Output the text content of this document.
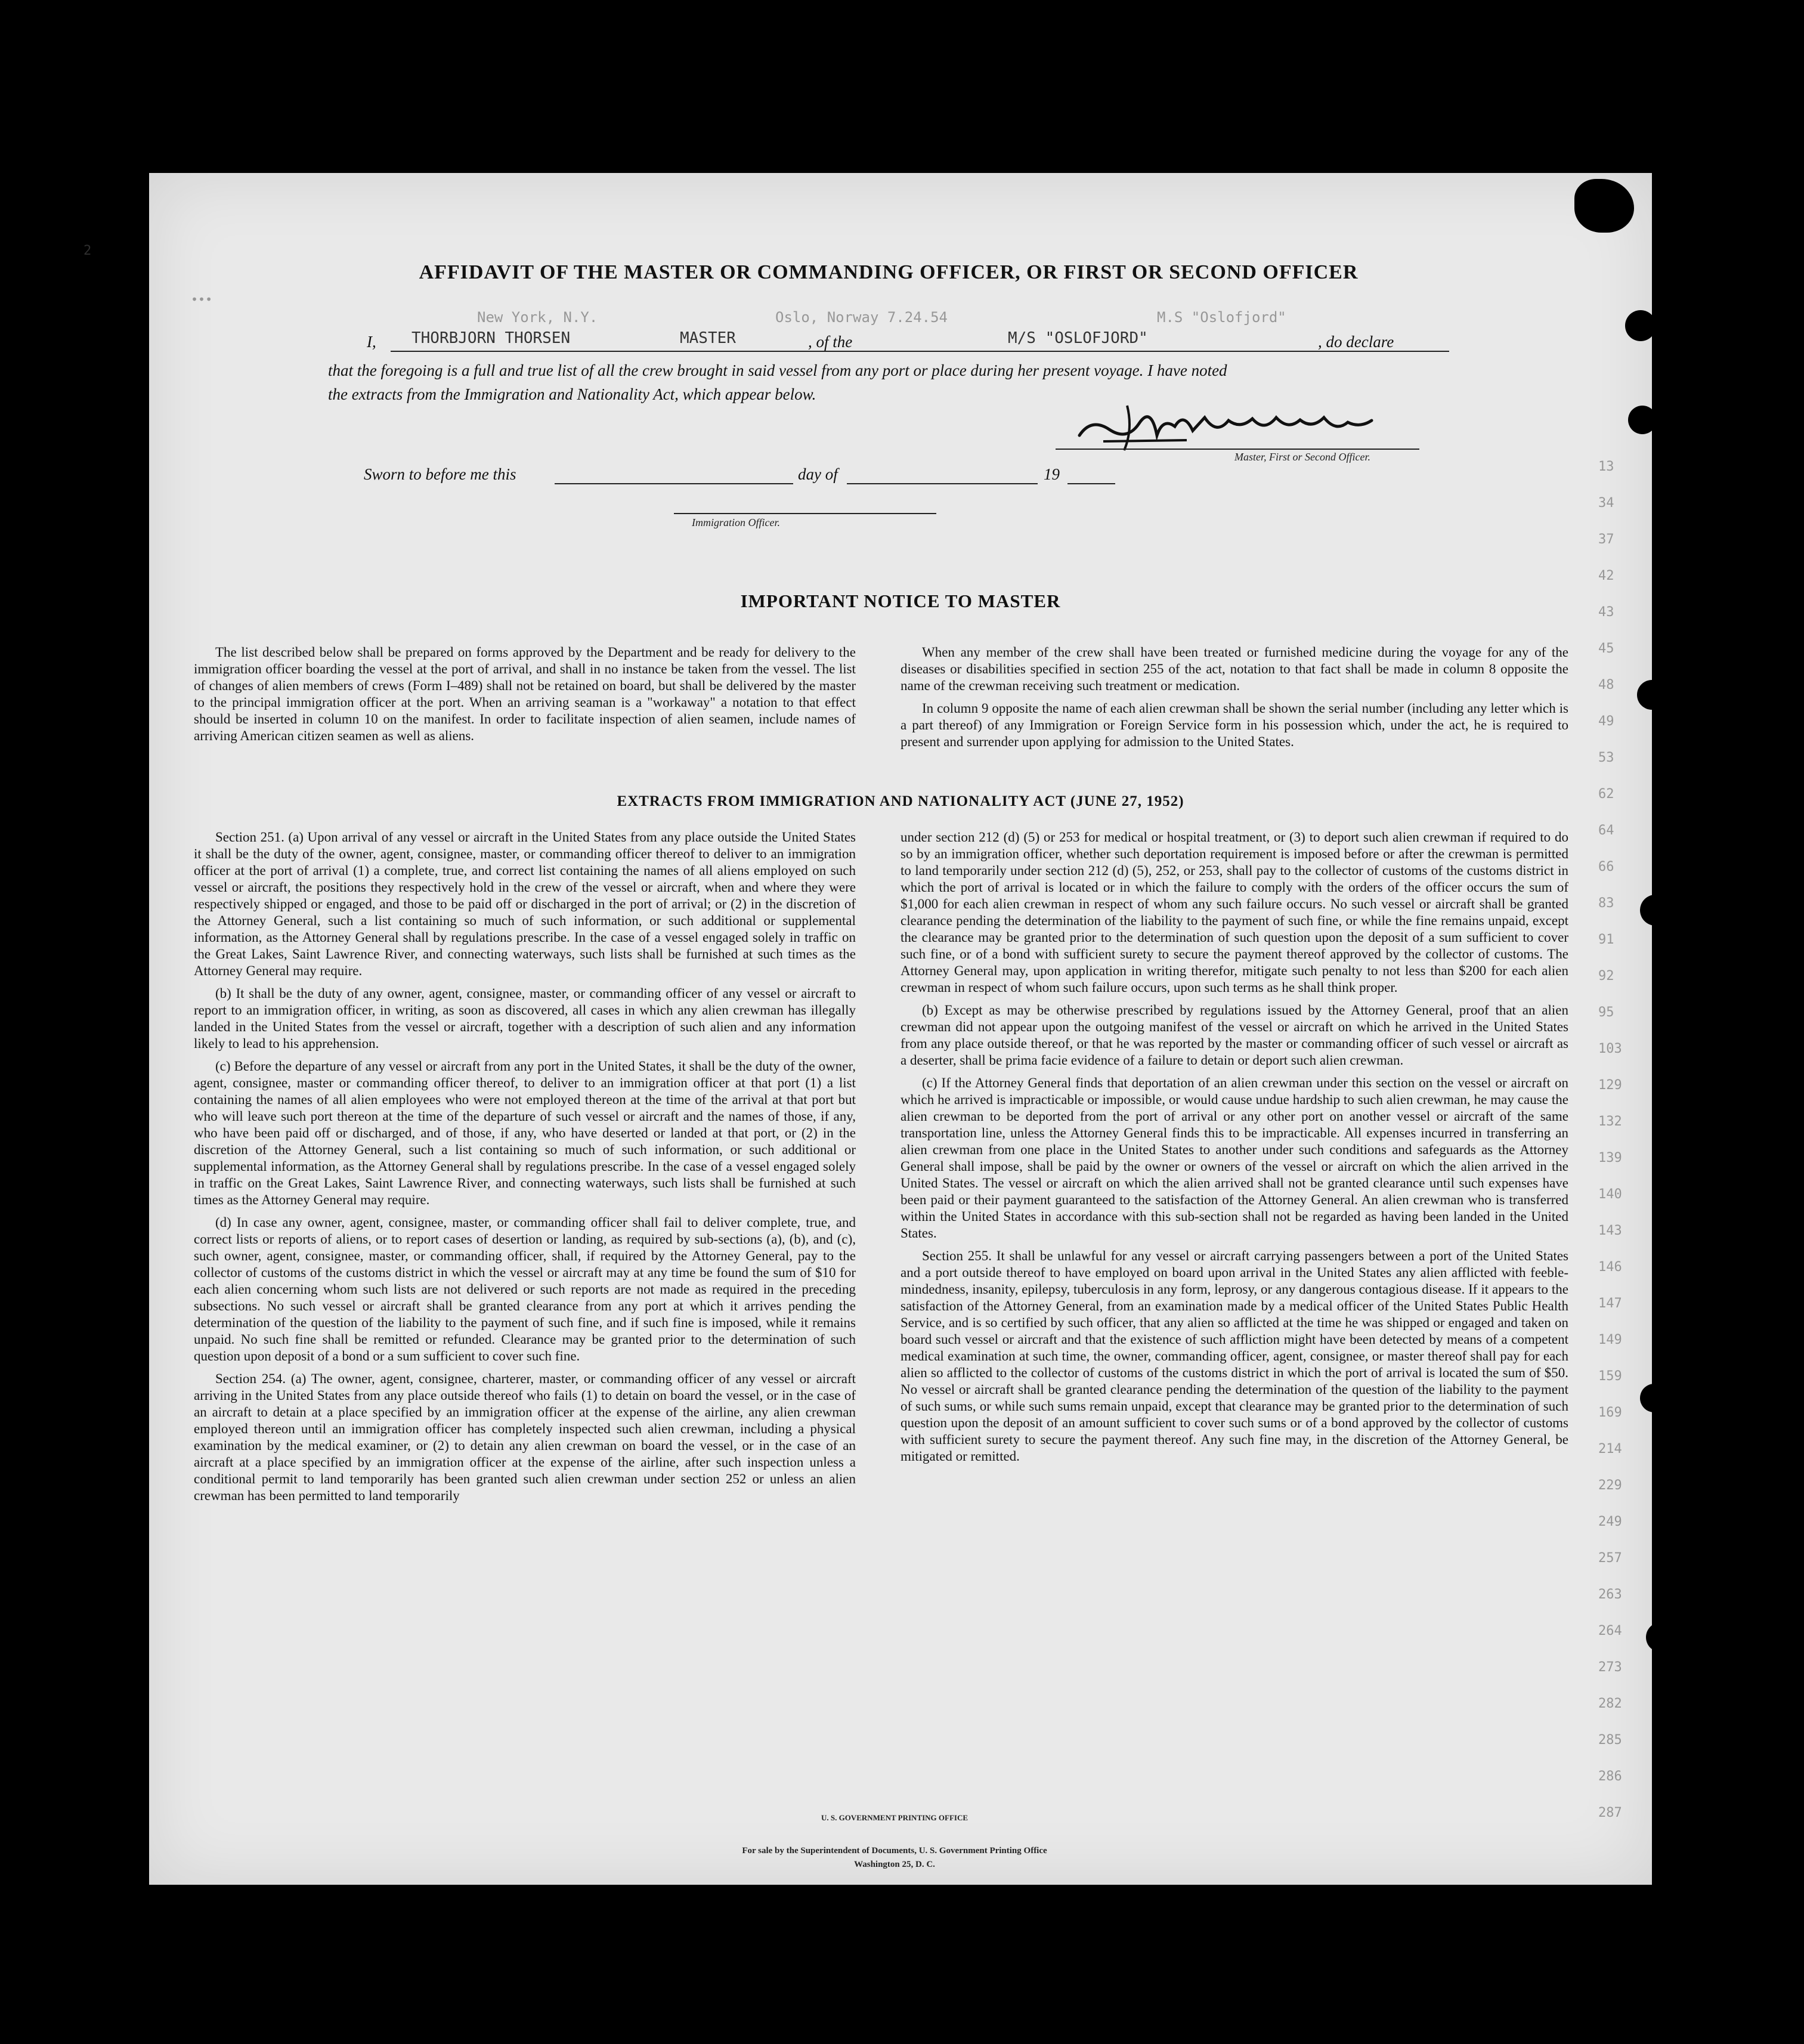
M.S "Oslofjord"
Oslo, Norway 7.24.54
New York, N.Y.
2
•••
13
34
37
42
43
45
48
49
53
62
64
66
83
91
92
95
103
129
132
139
140
143
146
147
149
159
169
214
229
249
257
263
264
273
282
285
286
287
AFFIDAVIT OF THE MASTER OR COMMANDING OFFICER, OR FIRST OR SECOND OFFICER
I, THORBJORN THORSEN	MASTER	, of the	M/S "OSLOFJORD"	, do declare
that the foregoing is a full and true list of all the crew brought in said vessel from any port or place during her present voyage. I have noted
the extracts from the Immigration and Nationality Act, which appear below.
Master, First or Second Officer.
Sworn to before me this	day of	19
Immigration Officer.
IMPORTANT NOTICE TO MASTER

The list described below shall be prepared on forms approved by the Department and be ready for delivery to the immigration officer boarding the vessel at the port of arrival, and shall in no instance be taken from the vessel. The list of changes of alien members of crews (Form I–489) shall not be retained on board, but shall be delivered by the master to the principal immigration officer at the port. When an arriving seaman is a "workaway" a notation to that effect should be inserted in column 10 on the manifest. In order to facilitate inspection of alien seamen, include names of arriving American citizen seamen as well as aliens.

When any member of the crew shall have been treated or furnished medicine during the voyage for any of the diseases or disabilities specified in section 255 of the act, notation to that fact shall be made in column 8 opposite the name of the crewman receiving such treatment or medication.

In column 9 opposite the name of each alien crewman shall be shown the serial number (including any letter which is a part thereof) of any Immigration or Foreign Service form in his possession which, under the act, he is required to present and surrender upon applying for admission to the United States.

EXTRACTS FROM IMMIGRATION AND NATIONALITY ACT (JUNE 27, 1952)

Section 251. (a) Upon arrival of any vessel or aircraft in the United States from any place outside the United States it shall be the duty of the owner, agent, consignee, master, or commanding officer thereof to deliver to an immigration officer at the port of arrival (1) a complete, true, and correct list containing the names of all aliens employed on such vessel or aircraft, the positions they respectively hold in the crew of the vessel or aircraft, when and where they were respectively shipped or engaged, and those to be paid off or discharged in the port of arrival; or (2) in the discretion of the Attorney General, such a list containing so much of such information, or such additional or supplemental information, as the Attorney General shall by regulations prescribe. In the case of a vessel engaged solely in traffic on the Great Lakes, Saint Lawrence River, and connecting waterways, such lists shall be furnished at such times as the Attorney General may require.

(b) It shall be the duty of any owner, agent, consignee, master, or commanding officer of any vessel or aircraft to report to an immigration officer, in writing, as soon as discovered, all cases in which any alien crewman has illegally landed in the United States from the vessel or aircraft, together with a description of such alien and any information likely to lead to his apprehension.

(c) Before the departure of any vessel or aircraft from any port in the United States, it shall be the duty of the owner, agent, consignee, master or commanding officer thereof, to deliver to an immigration officer at that port (1) a list containing the names of all alien employees who were not employed thereon at the time of the arrival at that port but who will leave such port thereon at the time of the departure of such vessel or aircraft and the names of those, if any, who have been paid off or discharged, and of those, if any, who have deserted or landed at that port, or (2) in the discretion of the Attorney General, such a list containing so much of such information, or such additional or supplemental information, as the Attorney General shall by regulations prescribe. In the case of a vessel engaged solely in traffic on the Great Lakes, Saint Lawrence River, and connecting waterways, such lists shall be furnished at such times as the Attorney General may require.

(d) In case any owner, agent, consignee, master, or commanding officer shall fail to deliver complete, true, and correct lists or reports of aliens, or to report cases of desertion or landing, as required by sub-sections (a), (b), and (c), such owner, agent, consignee, master, or commanding officer, shall, if required by the Attorney General, pay to the collector of customs of the customs district in which the vessel or aircraft may at any time be found the sum of $10 for each alien concerning whom such lists are not delivered or such reports are not made as required in the preceding subsections. No such vessel or aircraft shall be granted clearance from any port at which it arrives pending the determination of the question of the liability to the payment of such fine, and if such fine is imposed, while it remains unpaid. No such fine shall be remitted or refunded. Clearance may be granted prior to the determination of such question upon deposit of a bond or a sum sufficient to cover such fine.

Section 254. (a) The owner, agent, consignee, charterer, master, or commanding officer of any vessel or aircraft arriving in the United States from any place outside thereof who fails (1) to detain on board the vessel, or in the case of an aircraft to detain at a place specified by an immigration officer at the expense of the airline, any alien crewman employed thereon until an immigration officer has completely inspected such alien crewman, including a physical examination by the medical examiner, or (2) to detain any alien crewman on board the vessel, or in the case of an aircraft at a place specified by an immigration officer at the expense of the airline, after such inspection unless a conditional permit to land temporarily has been granted such alien crewman under section 252 or unless an alien crewman has been permitted to land temporarily

under section 212 (d) (5) or 253 for medical or hospital treatment, or (3) to deport such alien crewman if required to do so by an immigration officer, whether such deportation requirement is imposed before or after the crewman is permitted to land temporarily under section 212 (d) (5), 252, or 253, shall pay to the collector of customs of the customs district in which the port of arrival is located or in which the failure to comply with the orders of the officer occurs the sum of $1,000 for each alien crewman in respect of whom any such failure occurs. No such vessel or aircraft shall be granted clearance pending the determination of the liability to the payment of such fine, or while the fine remains unpaid, except the clearance may be granted prior to the determination of such question upon the deposit of a sum sufficient to cover such fine, or of a bond with sufficient surety to secure the payment thereof approved by the collector of customs. The Attorney General may, upon application in writing therefor, mitigate such penalty to not less than $200 for each alien crewman in respect of whom such failure occurs, upon such terms as he shall think proper.

(b) Except as may be otherwise prescribed by regulations issued by the Attorney General, proof that an alien crewman did not appear upon the outgoing manifest of the vessel or aircraft on which he arrived in the United States from any place outside thereof, or that he was reported by the master or commanding officer of such vessel or aircraft as a deserter, shall be prima facie evidence of a failure to detain or deport such alien crewman.

(c) If the Attorney General finds that deportation of an alien crewman under this section on the vessel or aircraft on which he arrived is impracticable or impossible, or would cause undue hardship to such alien crewman, he may cause the alien crewman to be deported from the port of arrival or any other port on another vessel or aircraft of the same transportation line, unless the Attorney General finds this to be impracticable. All expenses incurred in transferring an alien crewman from one place in the United States to another under such conditions and safeguards as the Attorney General shall impose, shall be paid by the owner or owners of the vessel or aircraft on which the alien arrived in the United States. The vessel or aircraft on which the alien arrived shall not be granted clearance until such expenses have been paid or their payment guaranteed to the satisfaction of the Attorney General. An alien crewman who is transferred within the United States in accordance with this sub-section shall not be regarded as having been landed in the United States.

Section 255. It shall be unlawful for any vessel or aircraft carrying passengers between a port of the United States and a port outside thereof to have employed on board upon arrival in the United States any alien afflicted with feeble-mindedness, insanity, epilepsy, tuberculosis in any form, leprosy, or any dangerous contagious disease. If it appears to the satisfaction of the Attorney General, from an examination made by a medical officer of the United States Public Health Service, and is so certified by such officer, that any alien so afflicted at the time he was shipped or engaged and taken on board such vessel or aircraft and that the existence of such affliction might have been detected by means of a competent medical examination at such time, the owner, commanding officer, agent, consignee, or master thereof shall pay for each alien so afflicted to the collector of customs of the customs district in which the port of arrival is located the sum of $50. No vessel or aircraft shall be granted clearance pending the determination of the question of the liability to the payment of such sums, or while such sums remain unpaid, except that clearance may be granted prior to the determination of such question upon the deposit of an amount sufficient to cover such sums or of a bond approved by the collector of customs with sufficient surety to secure the payment thereof. Any such fine may, in the discretion of the Attorney General, be mitigated or remitted.

U. S. GOVERNMENT PRINTING OFFICE
For sale by the Superintendent of Documents, U. S. Government Printing Office
Washington 25, D. C.
